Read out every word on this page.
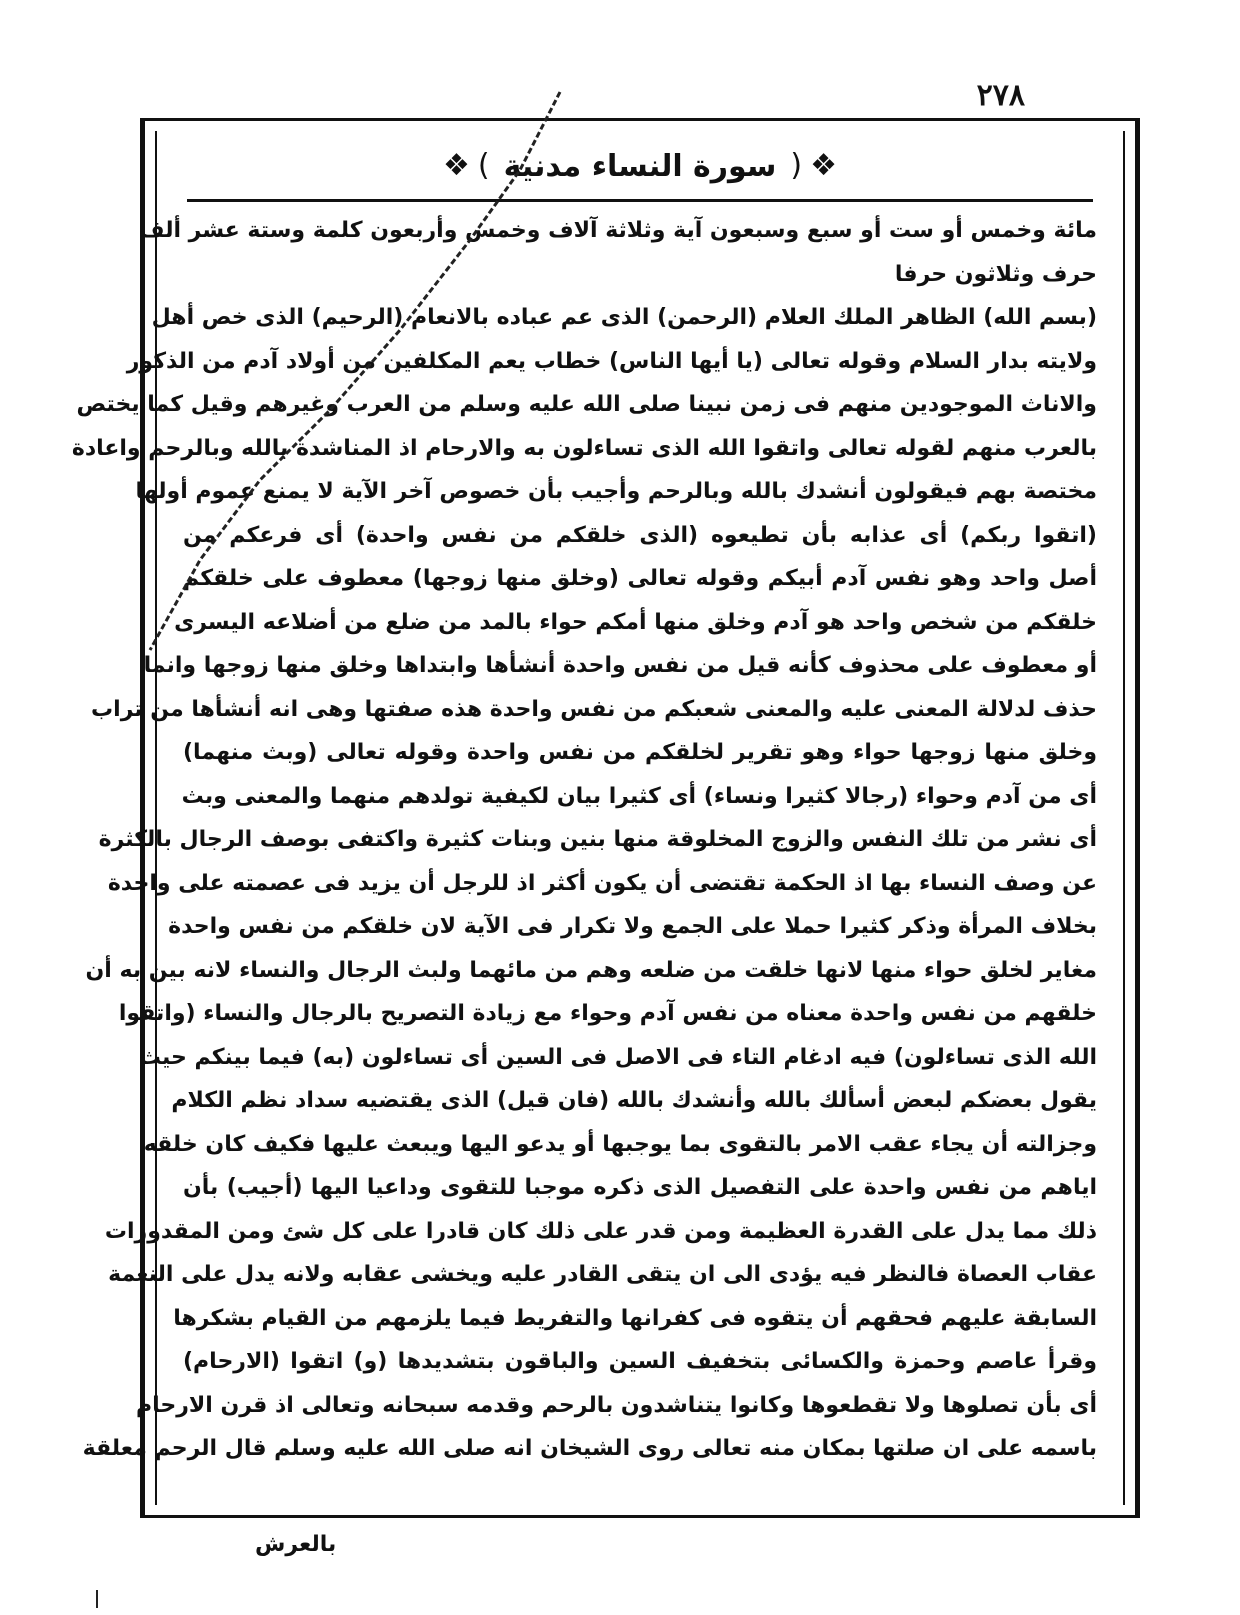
٢٧٨
❖ ( سورة النساء مدنية ) ❖
مائة وخمس أو ست أو سبع وسبعون آية وثلاثة آلاف وخمس وأربعون كلمة وستة عشر ألف
حرف وثلاثون حرفا
(بسم الله) الظاهر الملك العلام (الرحمن) الذى عم عباده بالانعام (الرحيم) الذى خص أهل
ولايته بدار السلام وقوله تعالى (يا أيها الناس) خطاب يعم المكلفين من أولاد آدم من الذكور
والاناث الموجودين منهم فى زمن نبينا صلى الله عليه وسلم من العرب وغيرهم وقيل كما يختص
بالعرب منهم لقوله تعالى واتقوا الله الذى تساءلون به والارحام اذ المناشدة بالله وبالرحم واعادة
مختصة بهم فيقولون أنشدك بالله وبالرحم وأجيب بأن خصوص آخر الآية لا يمنع عموم أولها
(اتقوا ربكم) أى عذابه بأن تطيعوه (الذى خلقكم من نفس واحدة) أى فرعكم من
أصل واحد وهو نفس آدم أبيكم وقوله تعالى (وخلق منها زوجها) معطوف على خلقكم
خلقكم من شخص واحد هو آدم وخلق منها أمكم حواء بالمد من ضلع من أضلاعه اليسرى
أو معطوف على محذوف كأنه قيل من نفس واحدة أنشأها وابتداها وخلق منها زوجها وانما
حذف لدلالة المعنى عليه والمعنى شعبكم من نفس واحدة هذه صفتها وهى انه أنشأها من تراب
وخلق منها زوجها حواء وهو تقرير لخلقكم من نفس واحدة وقوله تعالى (وبث منهما)
أى من آدم وحواء (رجالا كثيرا ونساء) أى كثيرا بيان لكيفية تولدهم منهما والمعنى وبث
أى نشر من تلك النفس والزوج المخلوقة منها بنين وبنات كثيرة واكتفى بوصف الرجال بالكثرة
عن وصف النساء بها اذ الحكمة تقتضى أن يكون أكثر اذ للرجل أن يزيد فى عصمته على واحدة
بخلاف المرأة وذكر كثيرا حملا على الجمع ولا تكرار فى الآية لان خلقكم من نفس واحدة
مغاير لخلق حواء منها لانها خلقت من ضلعه وهم من مائهما ولبث الرجال والنساء لانه بين به أن
خلقهم من نفس واحدة معناه من نفس آدم وحواء مع زيادة التصريح بالرجال والنساء (واتقوا
الله الذى تساءلون) فيه ادغام التاء فى الاصل فى السين أى تساءلون (به) فيما بينكم حيث
يقول بعضكم لبعض أسألك بالله وأنشدك بالله (فان قيل) الذى يقتضيه سداد نظم الكلام
وجزالته أن يجاء عقب الامر بالتقوى بما يوجبها أو يدعو اليها ويبعث عليها فكيف كان خلقه
اياهم من نفس واحدة على التفصيل الذى ذكره موجبا للتقوى وداعيا اليها (أجيب) بأن
ذلك مما يدل على القدرة العظيمة ومن قدر على ذلك كان قادرا على كل شئ ومن المقدورات
عقاب العصاة فالنظر فيه يؤدى الى ان يتقى القادر عليه ويخشى عقابه ولانه يدل على النعمة
السابقة عليهم فحقهم أن يتقوه فى كفرانها والتفريط فيما يلزمهم من القيام بشكرها
وقرأ عاصم وحمزة والكسائى بتخفيف السين والباقون بتشديدها (و) اتقوا (الارحام)
أى بأن تصلوها ولا تقطعوها وكانوا يتناشدون بالرحم وقدمه سبحانه وتعالى اذ قرن الارحام
باسمه على ان صلتها بمكان منه تعالى روى الشيخان انه صلى الله عليه وسلم قال الرحم معلقة
بالعرش
